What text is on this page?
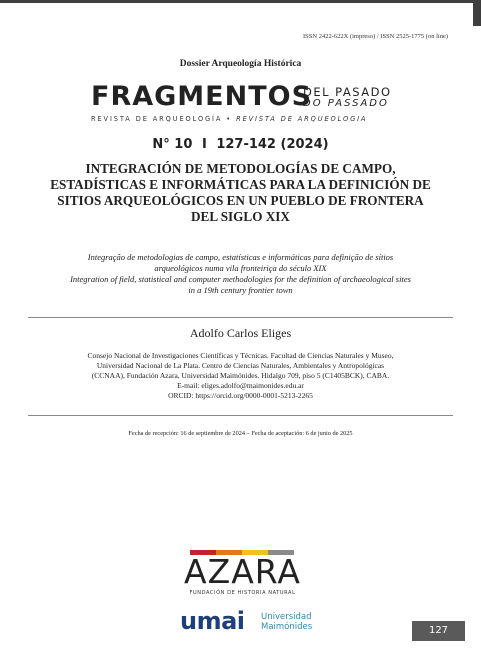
ISSN 2422-622X (impreso) / ISSN 2525-1775 (on line)
Dossier Arqueología Histórica
FRAGMENTOS
DEL PASADO
DO PASSADO
REVISTA DE ARQUEOLOGÍA • REVISTA DE ARQUEOLOGIA
N° 10 I 127-142 (2024)
INTEGRACIÓN DE METODOLOGÍAS DE CAMPO,
ESTADÍSTICAS E INFORMÁTICAS PARA LA DEFINICIÓN DE
SITIOS ARQUEOLÓGICOS EN UN PUEBLO DE FRONTERA
DEL SIGLO XIX
Integração de metodologias de campo, estatísticas e informáticas para definição de sítios
arqueológicos numa vila fronteiriça do século XIX
Integration of field, statistical and computer methodologies for the definition of archaeological sites
in a 19th century frontier town
Adolfo Carlos Eliges
Consejo Nacional de Investigaciones Científicas y Técnicas. Facultad de Ciencias Naturales y Museo,
Universidad Nacional de La Plata. Centro de Ciencias Naturales, Ambientales y Antropológicas
(CCNAA), Fundación Azara, Universidad Maimónides. Hidalgo 709, piso 5 (C1405BCK), CABA.
E-mail: eliges.adolfo@maimonides.edu.ar
ORCID: https://orcid.org/0000-0001-5213-2265
Fecha de recepción: 16 de septiembre de 2024 – Fecha de aceptación: 6 de junio de 2025
AZARA
FUNDACIÓN DE HISTORIA NATURAL
umai Universidad
Maimónides	127
